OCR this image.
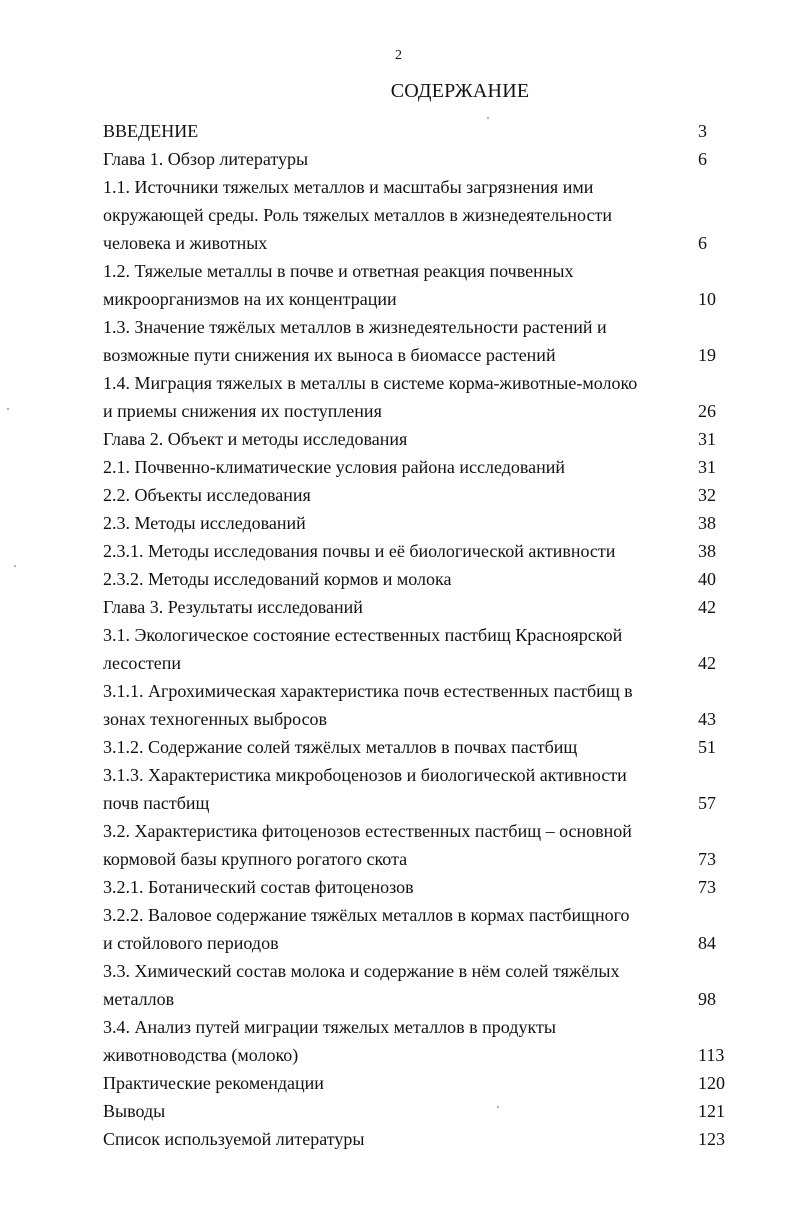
2
СОДЕРЖАНИЕ
ВВЕДЕНИЕ	3
Глава 1. Обзор литературы	6
1.1. Источники тяжелых металлов и масштабы загрязнения ими
окружающей среды. Роль тяжелых металлов в жизнедеятельности
человека и животных	6
1.2. Тяжелые металлы в почве и ответная реакция почвенных
микроорганизмов на их концентрации	10
1.3. Значение тяжёлых металлов в жизнедеятельности растений и
возможные пути снижения их выноса в биомассе растений	19
1.4. Миграция тяжелых в металлы в системе корма-животные-молоко
и приемы снижения их поступления	26
Глава 2. Объект и методы исследования	31
2.1. Почвенно-климатические условия района исследований	31
2.2. Объекты исследования	32
2.3. Методы исследований	38
2.3.1. Методы исследования почвы и её биологической активности	38
2.3.2. Методы исследований кормов и молока	40
Глава 3. Результаты исследований	42
3.1. Экологическое состояние естественных пастбищ Красноярской
лесостепи	42
3.1.1. Агрохимическая характеристика почв естественных пастбищ в
зонах техногенных выбросов	43
3.1.2. Содержание солей тяжёлых металлов в почвах пастбищ	51
3.1.3. Характеристика микробоценозов и биологической активности
почв пастбищ	57
3.2. Характеристика фитоценозов естественных пастбищ – основной
кормовой базы крупного рогатого скота	73
3.2.1. Ботанический состав фитоценозов	73
3.2.2. Валовое содержание тяжёлых металлов в кормах пастбищного
и стойлового периодов	84
3.3. Химический состав молока и содержание в нём солей тяжёлых
металлов	98
3.4. Анализ путей миграции тяжелых металлов в продукты
животноводства (молоко)	113
Практические рекомендации	120
Выводы	121
Список используемой литературы	123
